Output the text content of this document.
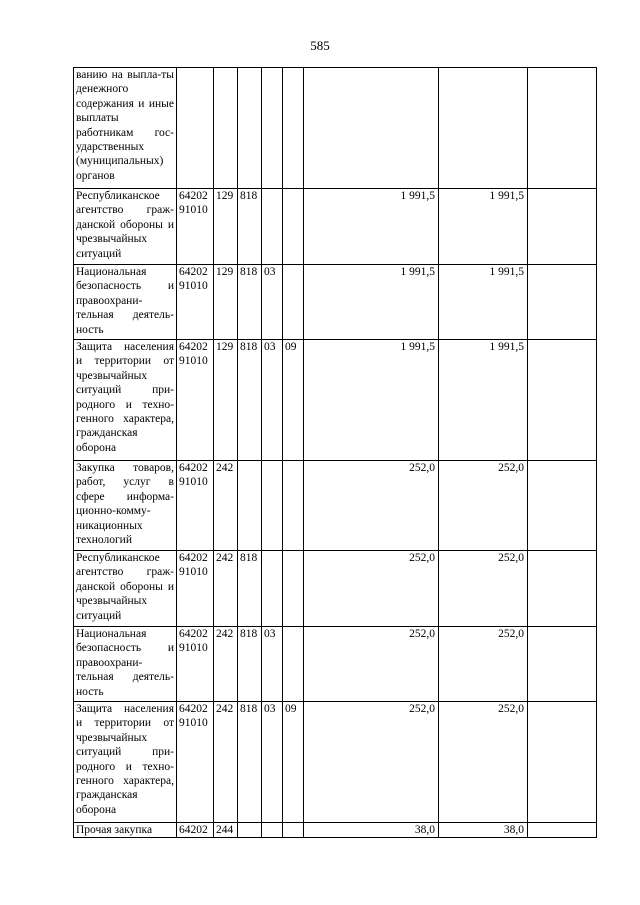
585
ванию на выпла-ты денежного содержания и иные выплаты работникам государственных (муниципальных) органов								
Республиканское агентство гражданской обороны и чрезвычайных ситуаций	64202 91010	129	818			1 991,5	1 991,5	
Национальная безопасность и правоохранительная деятельность	64202 91010	129	818	03		1 991,5	1 991,5	
Защита населения и территории от чрезвычайных ситуаций природного и техногенного характера, гражданская оборона	64202 91010	129	818	03	09	1 991,5	1 991,5	
Закупка товаров, работ, услуг в сфере информационно-коммуникационных технологий	64202 91010	242				252,0	252,0	
Республиканское агентство гражданской обороны и чрезвычайных ситуаций	64202 91010	242	818			252,0	252,0	
Национальная безопасность и правоохранительная деятельность	64202 91010	242	818	03		252,0	252,0	
Защита населения и территории от чрезвычайных ситуаций природного и техногенного характера, гражданская оборона	64202 91010	242	818	03	09	252,0	252,0	
Прочая закупка	64202	244				38,0	38,0	
